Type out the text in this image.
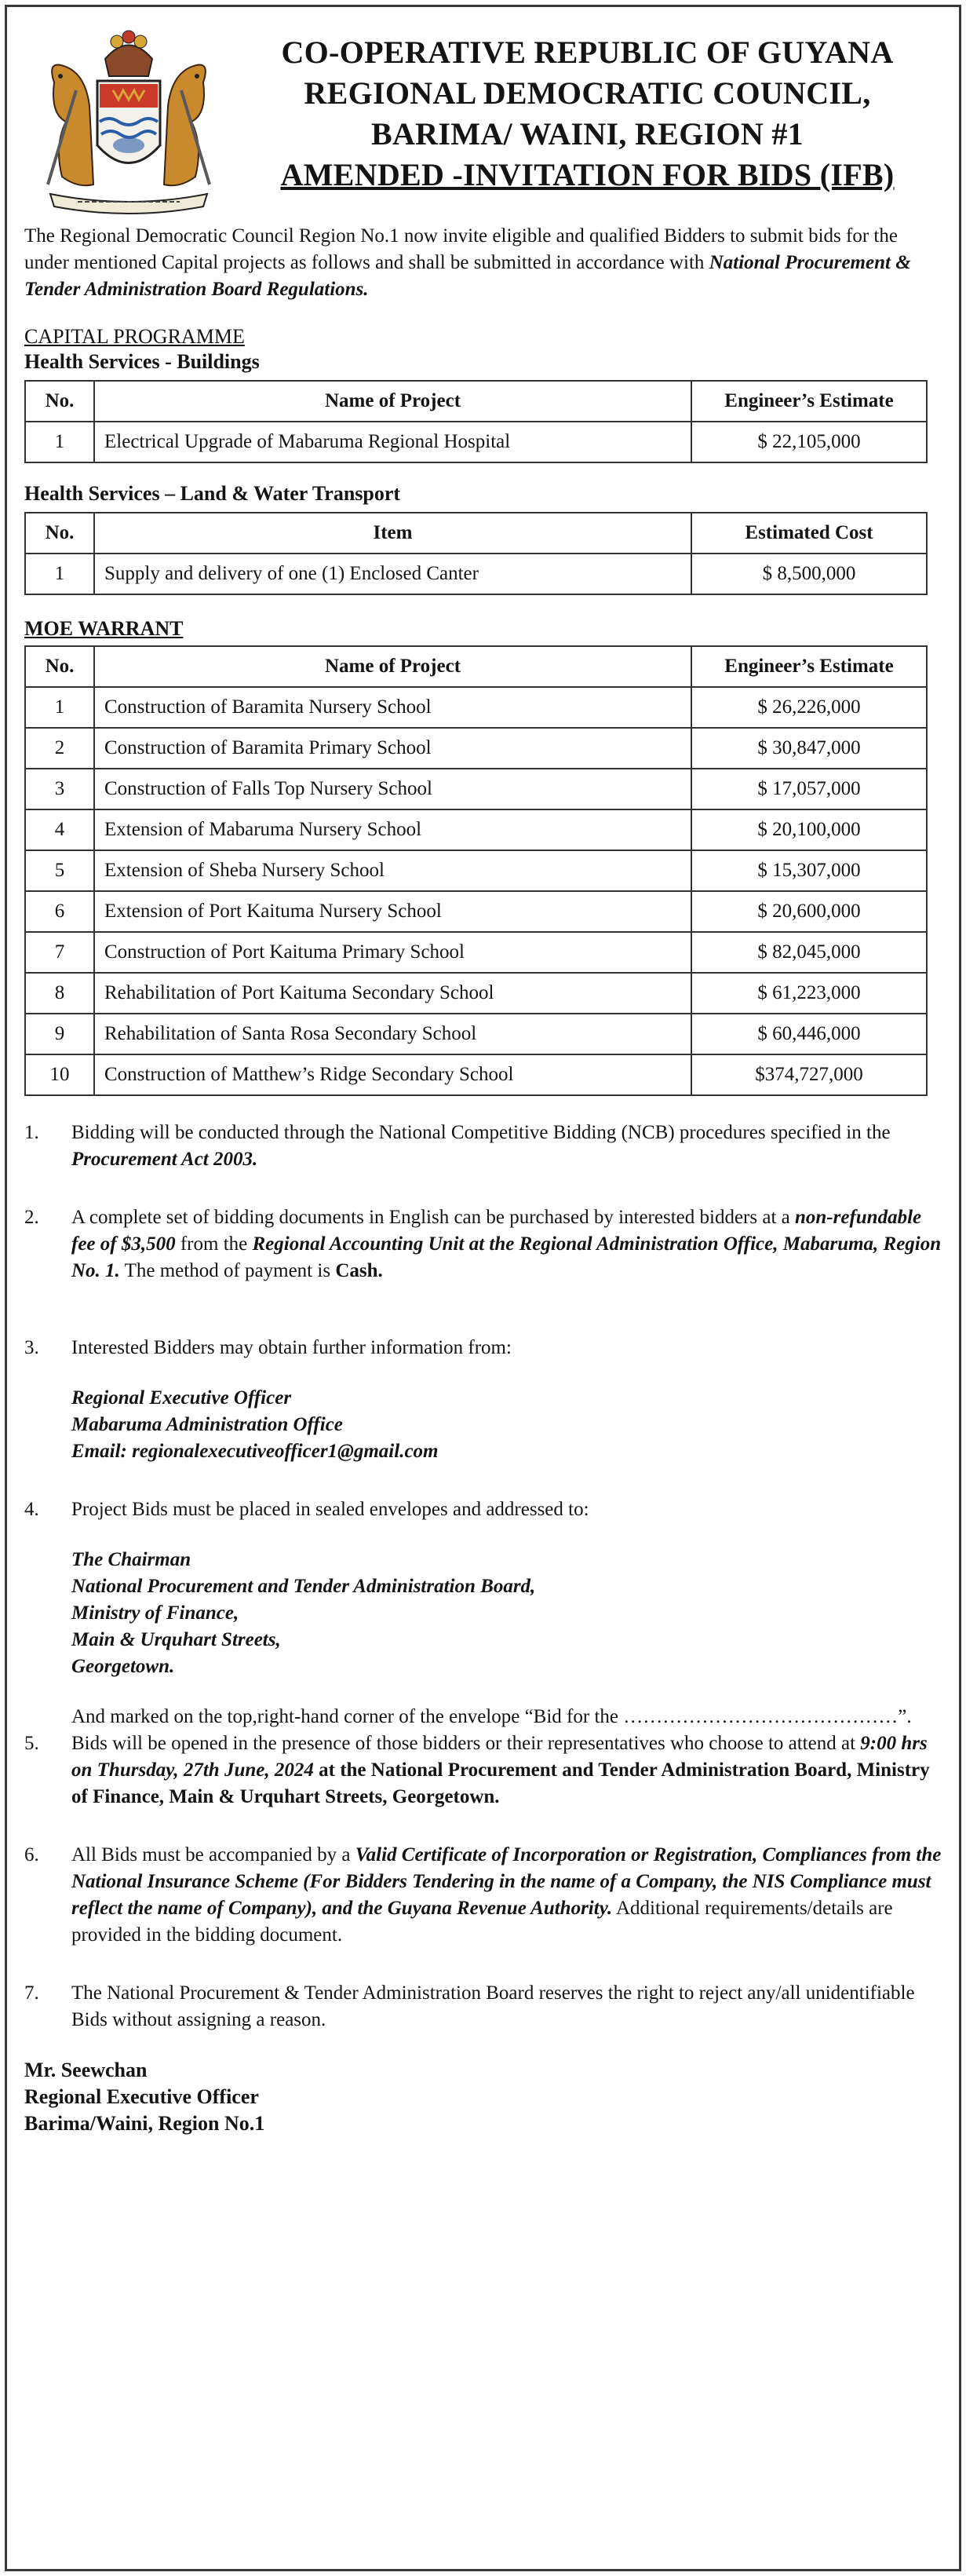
CO-OPERATIVE REPUBLIC OF GUYANA
REGIONAL DEMOCRATIC COUNCIL,
BARIMA/ WAINI, REGION #1
AMENDED -INVITATION FOR BIDS (IFB)

The Regional Democratic Council Region No.1 now invite eligible and qualified Bidders to submit bids for the under mentioned Capital projects as follows and shall be submitted in accordance with National Procurement & Tender Administration Board Regulations.

CAPITAL PROGRAMME
Health Services - Buildings
No.	Name of Project	Engineer’s Estimate
1	Electrical Upgrade of Mabaruma Regional Hospital	$ 22,105,000
Health Services – Land & Water Transport
No.	Item	Estimated Cost
1	Supply and delivery of one (1) Enclosed Canter	$ 8,500,000
MOE WARRANT
No.	Name of Project	Engineer’s Estimate
1	Construction of Baramita Nursery School	$ 26,226,000
2	Construction of Baramita Primary School	$ 30,847,000
3	Construction of Falls Top Nursery School	$ 17,057,000
4	Extension of Mabaruma Nursery School	$ 20,100,000
5	Extension of Sheba Nursery School	$ 15,307,000
6	Extension of Port Kaituma Nursery School	$ 20,600,000
7	Construction of Port Kaituma Primary School	$ 82,045,000
8	Rehabilitation of Port Kaituma Secondary School	$ 61,223,000
9	Rehabilitation of Santa Rosa Secondary School	$ 60,446,000
10	Construction of Matthew’s Ridge Secondary School	$374,727,000
1. Bidding will be conducted through the National Competitive Bidding (NCB) procedures specified in the Procurement Act 2003.
2. A complete set of bidding documents in English can be purchased by interested bidders at a non-refundable fee of $3,500 from the Regional Accounting Unit at the Regional Administration Office, Mabaruma, Region No. 1. The method of payment is Cash.
3. Interested Bidders may obtain further information from:
Regional Executive Officer
Mabaruma Administration Office
Email: regionalexecutiveofficer1@gmail.com
4. Project Bids must be placed in sealed envelopes and addressed to:
The Chairman
National Procurement and Tender Administration Board,
Ministry of Finance,
Main & Urquhart Streets,
Georgetown.
And marked on the top,right-hand corner of the envelope “Bid for the ……………………………………”.
5. Bids will be opened in the presence of those bidders or their representatives who choose to attend at 9:00 hrs on Thursday, 27th June, 2024 at the National Procurement and Tender Administration Board, Ministry of Finance, Main & Urquhart Streets, Georgetown.
6. All Bids must be accompanied by a Valid Certificate of Incorporation or Registration, Compliances from the National Insurance Scheme (For Bidders Tendering in the name of a Company, the NIS Compliance must reflect the name of Company), and the Guyana Revenue Authority. Additional requirements/details are provided in the bidding document.
7. The National Procurement & Tender Administration Board reserves the right to reject any/all unidentifiable Bids without assigning a reason.
Mr. Seewchan
Regional Executive Officer
Barima/Waini, Region No.1
